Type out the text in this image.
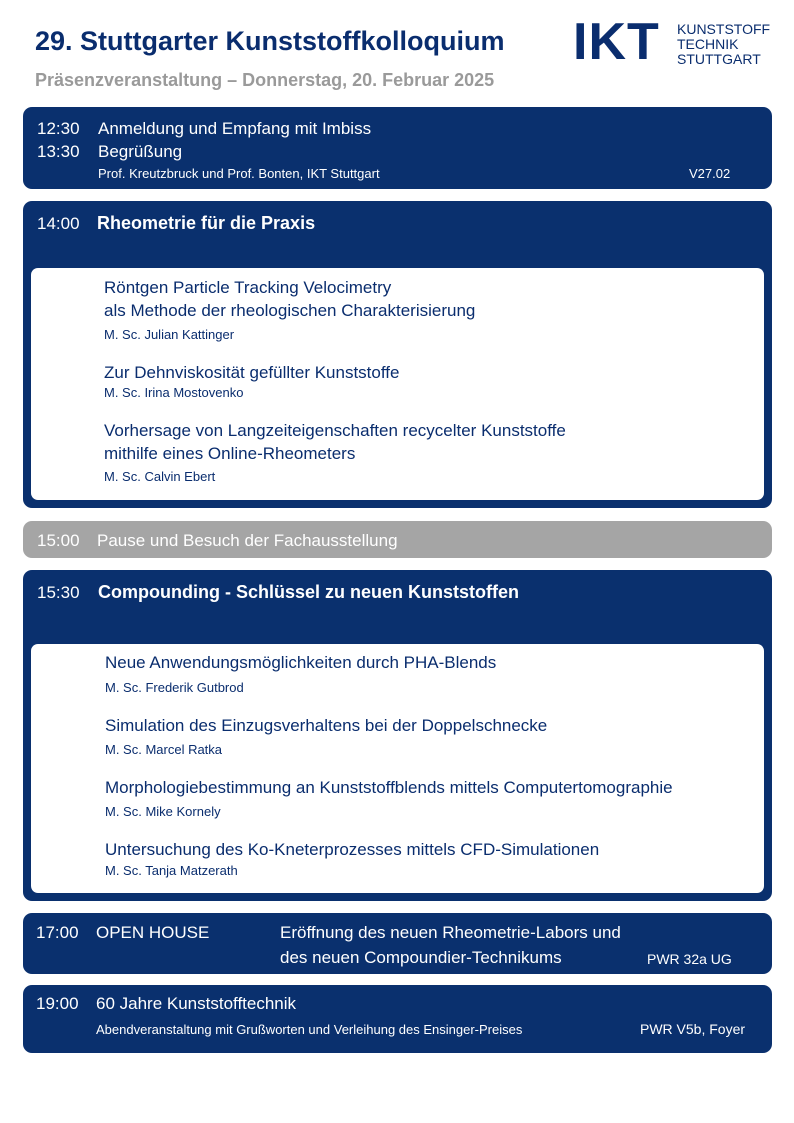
29. Stuttgarter Kunststoffkolloquium
Präsenzveranstaltung – Donnerstag, 20. Februar 2025
IKT KUNSTSTOFF
TECHNIK
STUTTGART
12:30 Anmeldung und Empfang mit Imbiss
13:30 Begrüßung
Prof. Kreutzbruck und Prof. Bonten, IKT Stuttgart	V27.02
14:00 Rheometrie für die Praxis
Röntgen Particle Tracking Velocimetry
als Methode der rheologischen Charakterisierung
M. Sc. Julian Kattinger
Zur Dehnviskosität gefüllter Kunststoffe
M. Sc. Irina Mostovenko
Vorhersage von Langzeiteigenschaften recycelter Kunststoffe
mithilfe eines Online-Rheometers
M. Sc. Calvin Ebert
15:00 Pause und Besuch der Fachausstellung
15:30 Compounding - Schlüssel zu neuen Kunststoffen
Neue Anwendungsmöglichkeiten durch PHA-Blends
M. Sc. Frederik Gutbrod
Simulation des Einzugsverhaltens bei der Doppelschnecke
M. Sc. Marcel Ratka
Morphologiebestimmung an Kunststoffblends mittels Computertomographie
M. Sc. Mike Kornely
Untersuchung des Ko-Kneterprozesses mittels CFD-Simulationen
M. Sc. Tanja Matzerath
17:00 OPEN HOUSE	Eröffnung des neuen Rheometrie-Labors und
des neuen Compoundier-Technikums	PWR 32a UG
19:00 60 Jahre Kunststofftechnik
Abendveranstaltung mit Grußworten und Verleihung des Ensinger-Preises	PWR V5b, Foyer
